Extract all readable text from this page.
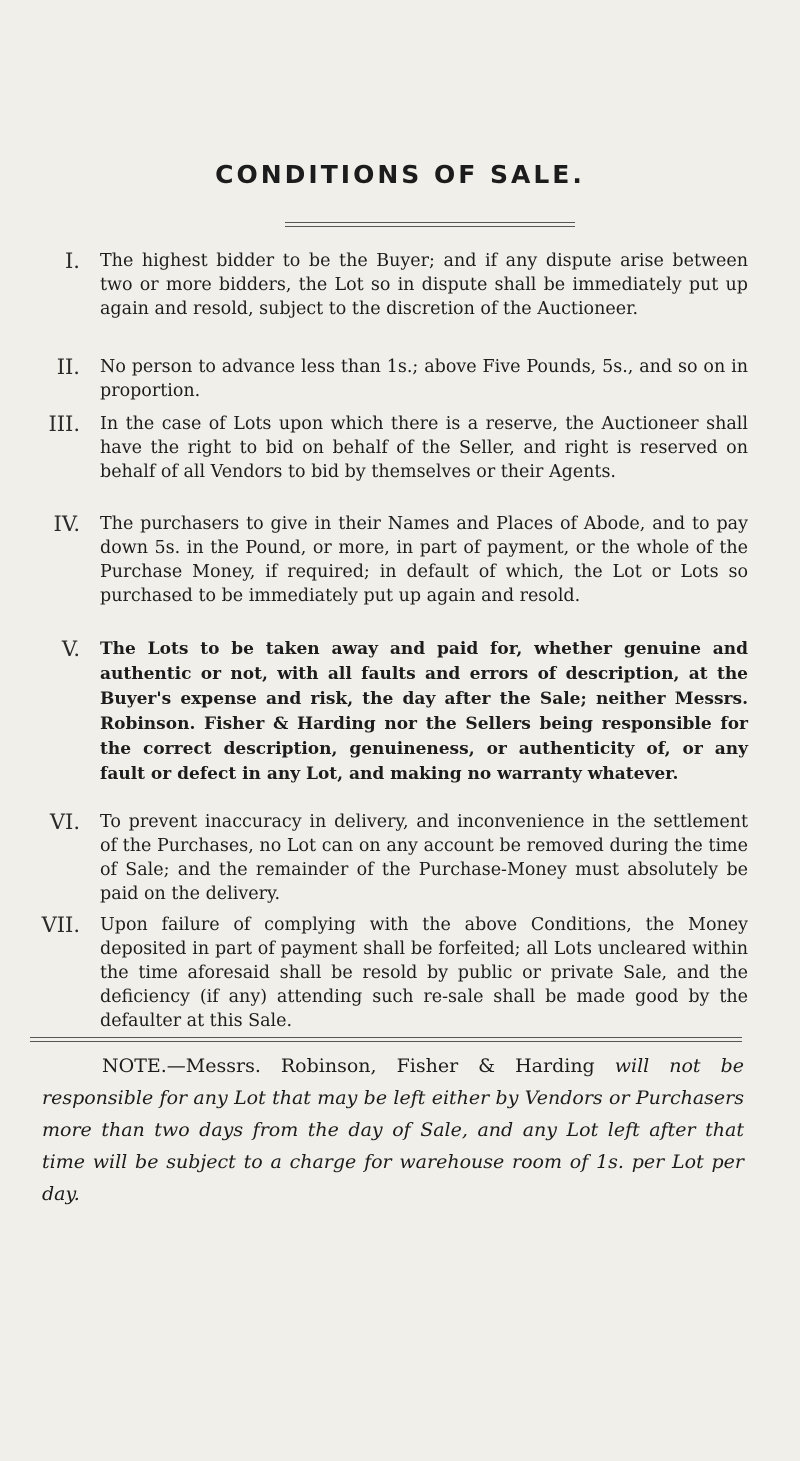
CONDITIONS OF SALE.
I. The highest bidder to be the Buyer; and if any dispute arise between two or more bidders, the Lot so in dispute shall be immediately put up again and resold, subject to the discretion of the Auctioneer.
II. No person to advance less than 1s.; above Five Pounds, 5s., and so on in proportion.
III. In the case of Lots upon which there is a reserve, the Auctioneer shall have the right to bid on behalf of the Seller, and right is reserved on behalf of all Vendors to bid by themselves or their Agents.
IV. The purchasers to give in their Names and Places of Abode, and to pay down 5s. in the Pound, or more, in part of payment, or the whole of the Purchase Money, if required; in default of which, the Lot or Lots so purchased to be immediately put up again and resold.
V. The Lots to be taken away and paid for, whether genuine and authentic or not, with all faults and errors of description, at the Buyer's expense and risk, the day after the Sale; neither Messrs. Robinson. Fisher & Harding nor the Sellers being responsible for the correct description, genuineness, or authenticity of, or any fault or defect in any Lot, and making no warranty whatever.
VI. To prevent inaccuracy in delivery, and inconvenience in the settlement of the Purchases, no Lot can on any account be removed during the time of Sale; and the remainder of the Purchase-Money must absolutely be paid on the delivery.
VII. Upon failure of complying with the above Conditions, the Money deposited in part of payment shall be forfeited; all Lots uncleared within the time aforesaid shall be resold by public or private Sale, and the deficiency (if any) attending such re-sale shall be made good by the defaulter at this Sale.
NOTE.—Messrs. Robinson, Fisher & Harding will not be responsible for any Lot that may be left either by Vendors or Purchasers more than two days from the day of Sale, and any Lot left after that time will be subject to a charge for warehouse room of 1s. per Lot per day.
